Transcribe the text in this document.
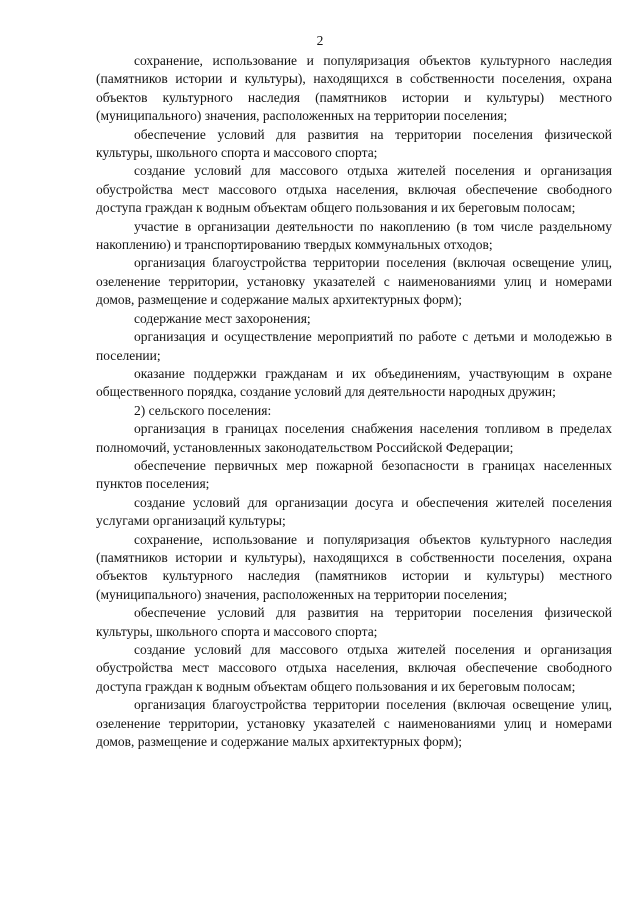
2

сохранение, использование и популяризация объектов культурного наследия (памятников истории и культуры), находящихся в собственности поселения, охрана объектов культурного наследия (памятников истории и культуры) местного (муниципального) значения, расположенных на территории поселения;

обеспечение условий для развития на территории поселения физической культуры, школьного спорта и массового спорта;

создание условий для массового отдыха жителей поселения и организация обустройства мест массового отдыха населения, включая обеспечение свободного доступа граждан к водным объектам общего пользования и их береговым полосам;

участие в организации деятельности по накоплению (в том числе раздельному накоплению) и транспортированию твердых коммунальных отходов;

организация благоустройства территории поселения (включая освещение улиц, озеленение территории, установку указателей с наименованиями улиц и номерами домов, размещение и содержание малых архитектурных форм);

содержание мест захоронения;

организация и осуществление мероприятий по работе с детьми и молодежью в поселении;

оказание поддержки гражданам и их объединениям, участвующим в охране общественного порядка, создание условий для деятельности народных дружин;

2) сельского поселения:

организация в границах поселения снабжения населения топливом в пределах полномочий, установленных законодательством Российской Федерации;

обеспечение первичных мер пожарной безопасности в границах населенных пунктов поселения;

создание условий для организации досуга и обеспечения жителей поселения услугами организаций культуры;

сохранение, использование и популяризация объектов культурного наследия (памятников истории и культуры), находящихся в собственности поселения, охрана объектов культурного наследия (памятников истории и культуры) местного (муниципального) значения, расположенных на территории поселения;

обеспечение условий для развития на территории поселения физической культуры, школьного спорта и массового спорта;

создание условий для массового отдыха жителей поселения и организация обустройства мест массового отдыха населения, включая обеспечение свободного доступа граждан к водным объектам общего пользования и их береговым полосам;

организация благоустройства территории поселения (включая освещение улиц, озеленение территории, установку указателей с наименованиями улиц и номерами домов, размещение и содержание малых архитектурных форм);
